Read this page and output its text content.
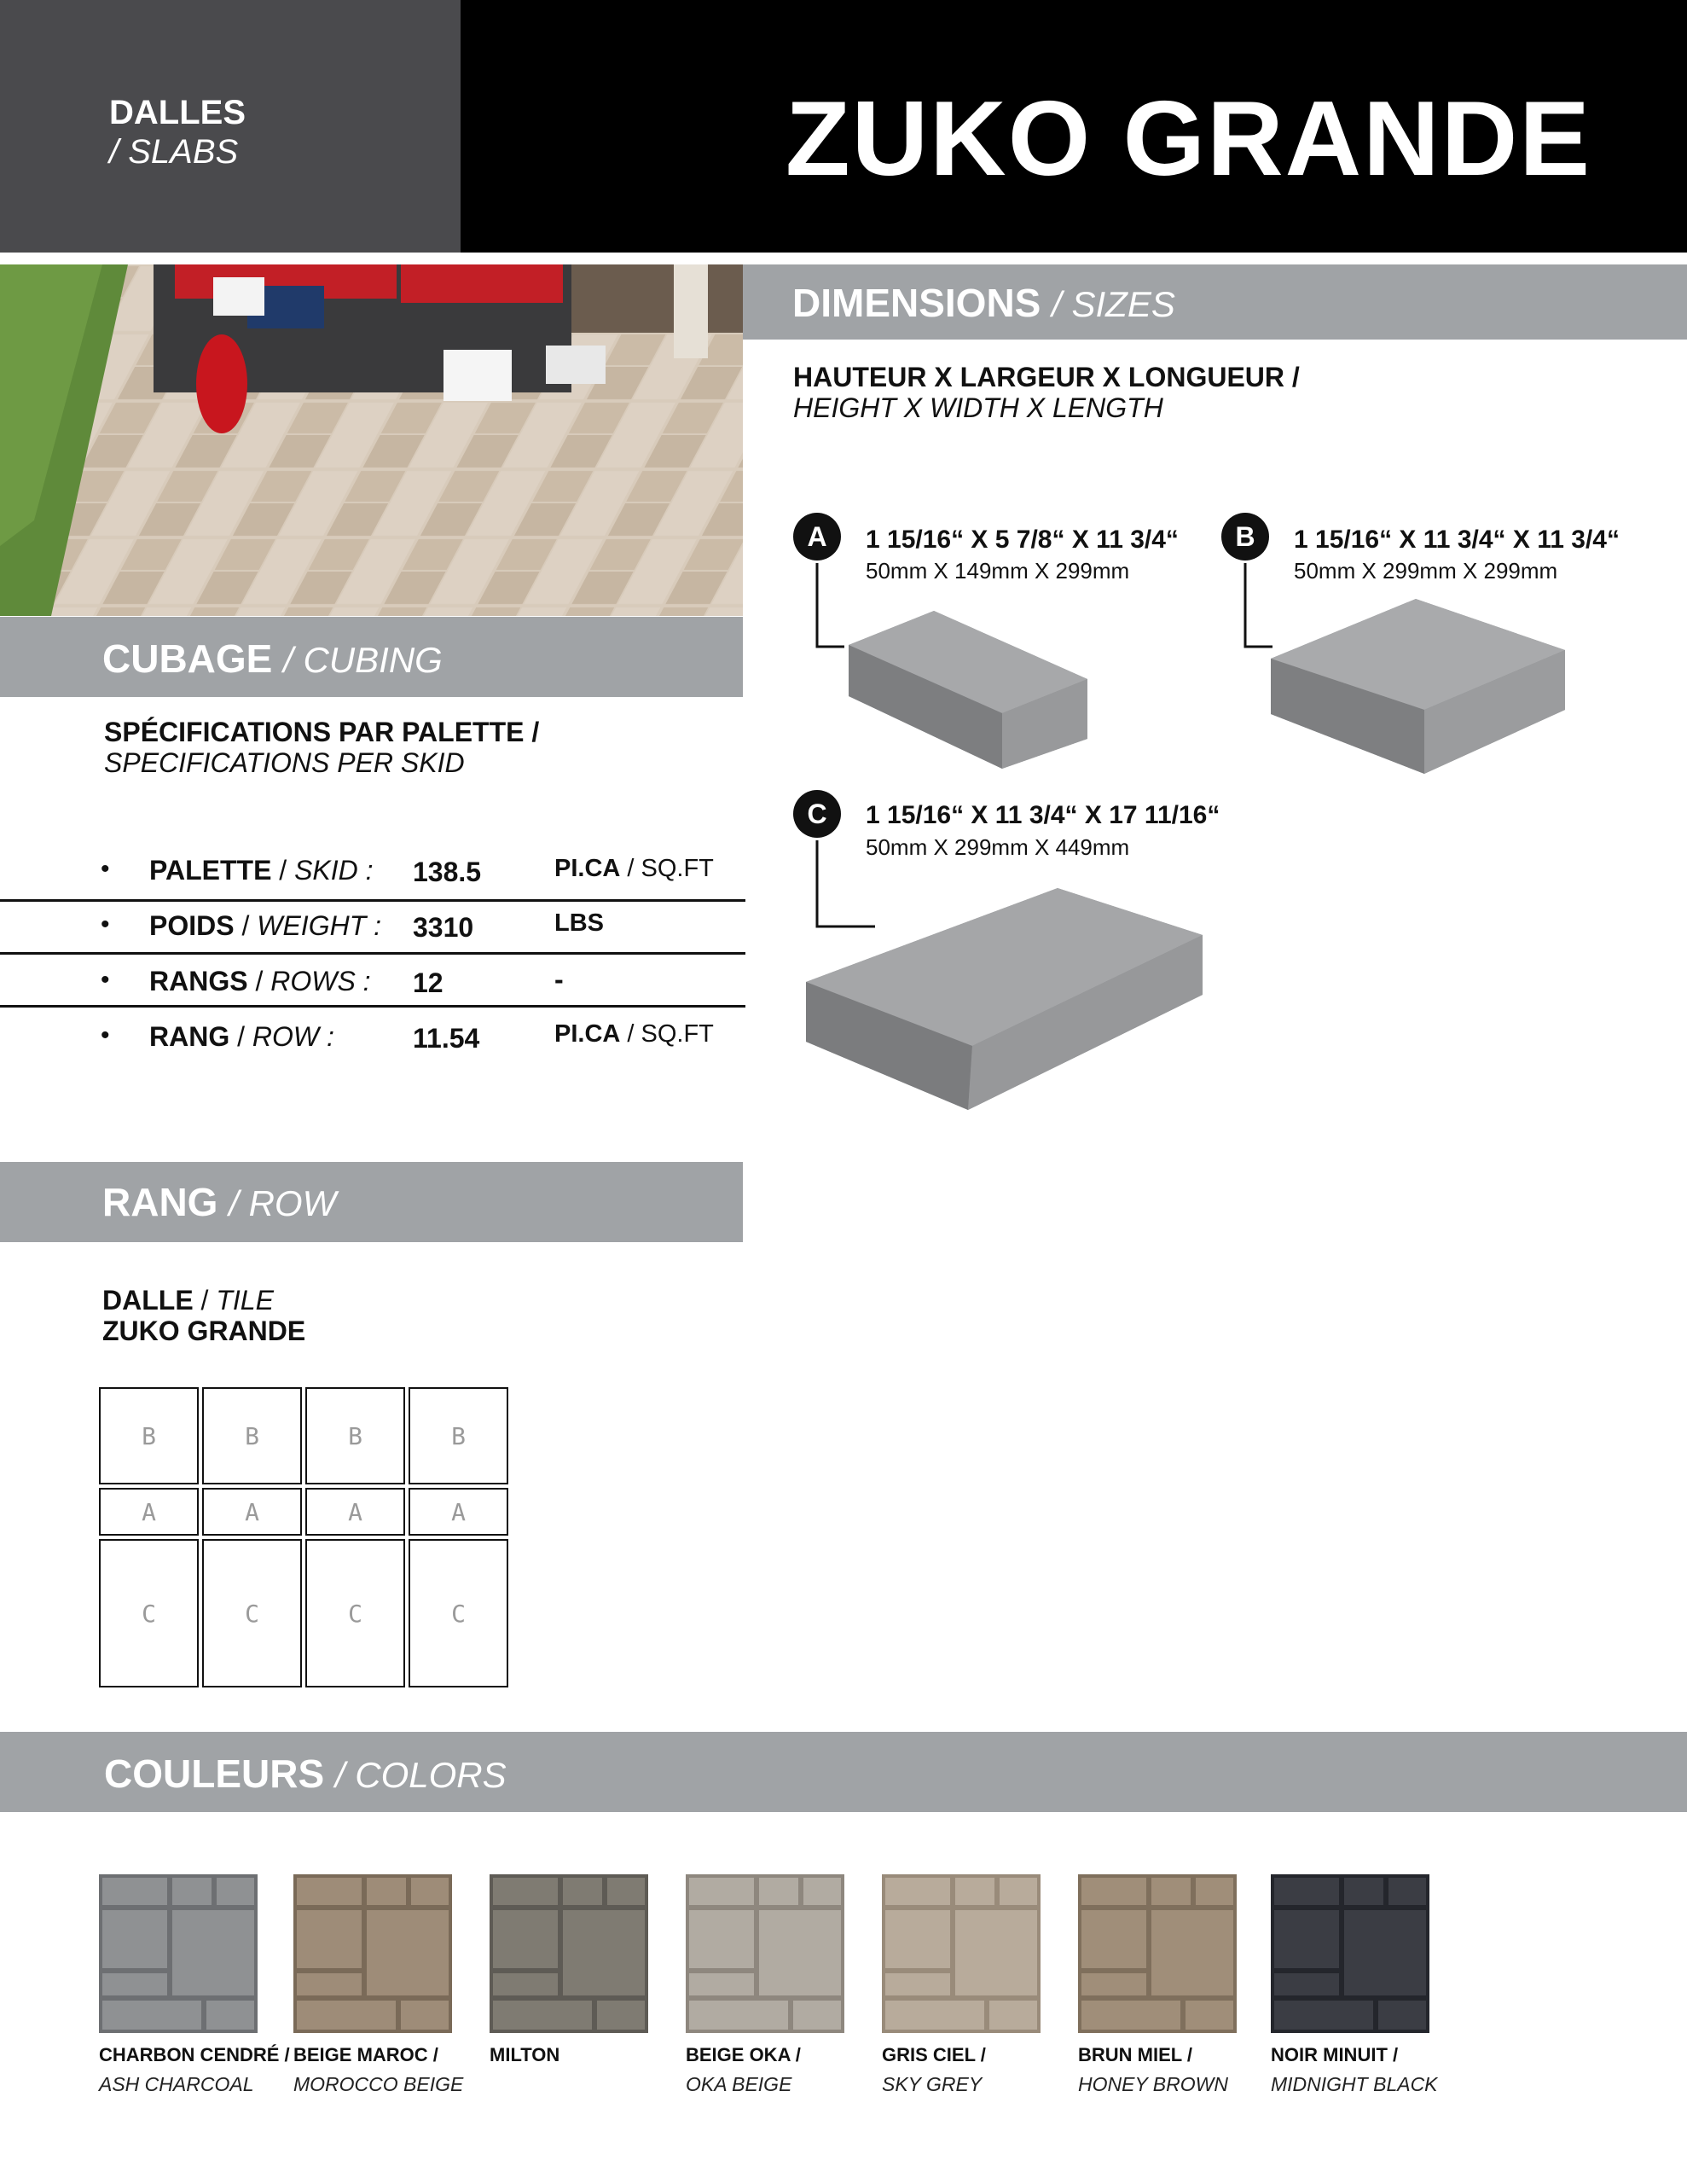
DALLES
/ SLABS	ZUKO GRANDE
CUBAGE / CUBING
SPÉCIFICATIONS PAR PALETTE /
SPECIFICATIONS PER SKID
• PALETTE / SKID : 138.5	PI.CA / SQ.FT
• POIDS / WEIGHT : 3310	LBS
• RANGS / ROWS : 12	-
• RANG / ROW :	11.54	PI.CA / SQ.FT
RANG / ROW
DALLE / TILE
ZUKO GRANDE
B	B	B	B
A	A	A	A
C	C	C	C
DIMENSIONS / SIZES
HAUTEUR X LARGEUR X LONGUEUR /
HEIGHT X WIDTH X LENGTH
A	1 15/16“ X 5 7/8“ X 11 3/4“
50mm X 149mm X 299mm
B	1 15/16“ X 11 3/4“ X 11 3/4“
50mm X 299mm X 299mm
C	1 15/16“ X 11 3/4“ X 17 11/16“
50mm X 299mm X 449mm
COULEURS / COLORS
CHARBON CENDRÉ /
ASH CHARCOAL
BEIGE MAROC /
MOROCCO BEIGE
MILTON	BEIGE OKA /
OKA BEIGE
GRIS CIEL /
SKY GREY
BRUN MIEL /
HONEY BROWN
NOIR MINUIT /
MIDNIGHT BLACK
